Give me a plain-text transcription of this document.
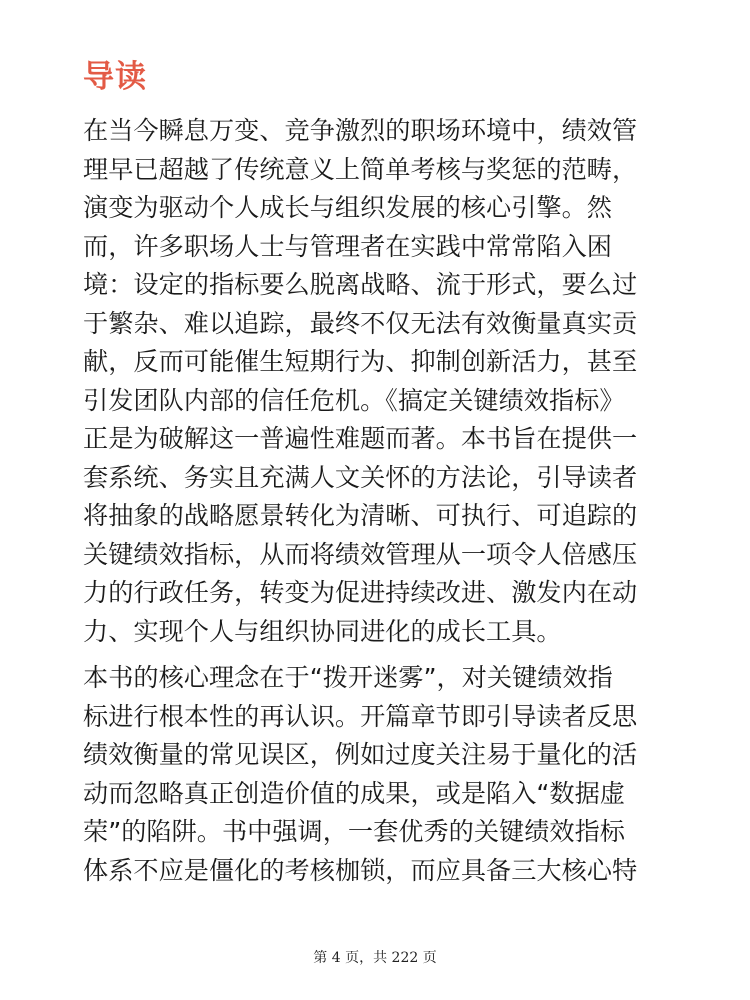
导读

在当今瞬息万变、竞争激烈的职场环境中，绩效管
理早已超越了传统意义上简单考核与奖惩的范畴，
演变为驱动个人成长与组织发展的核心引擎。然
而，许多职场人士与管理者在实践中常常陷入困
境：设定的指标要么脱离战略、流于形式，要么过
于繁杂、难以追踪，最终不仅无法有效衡量真实贡
献，反而可能催生短期行为、抑制创新活力，甚至
引发团队内部的信任危机。《搞定关键绩效指标》
正是为破解这一普遍性难题而著。本书旨在提供一
套系统、务实且充满人文关怀的方法论，引导读者
将抽象的战略愿景转化为清晰、可执行、可追踪的
关键绩效指标，从而将绩效管理从一项令人倍感压
力的行政任务，转变为促进持续改进、激发内在动
力、实现个人与组织协同进化的成长工具。

本书的核心理念在于“拨开迷雾”，对关键绩效指
标进行根本性的再认识。开篇章节即引导读者反思
绩效衡量的常见误区，例如过度关注易于量化的活
动而忽略真正创造价值的成果，或是陷入“数据虚
荣”的陷阱。书中强调，一套优秀的关键绩效指标
体系不应是僵化的考核枷锁，而应具备三大核心特

第 4 页，共 222 页
